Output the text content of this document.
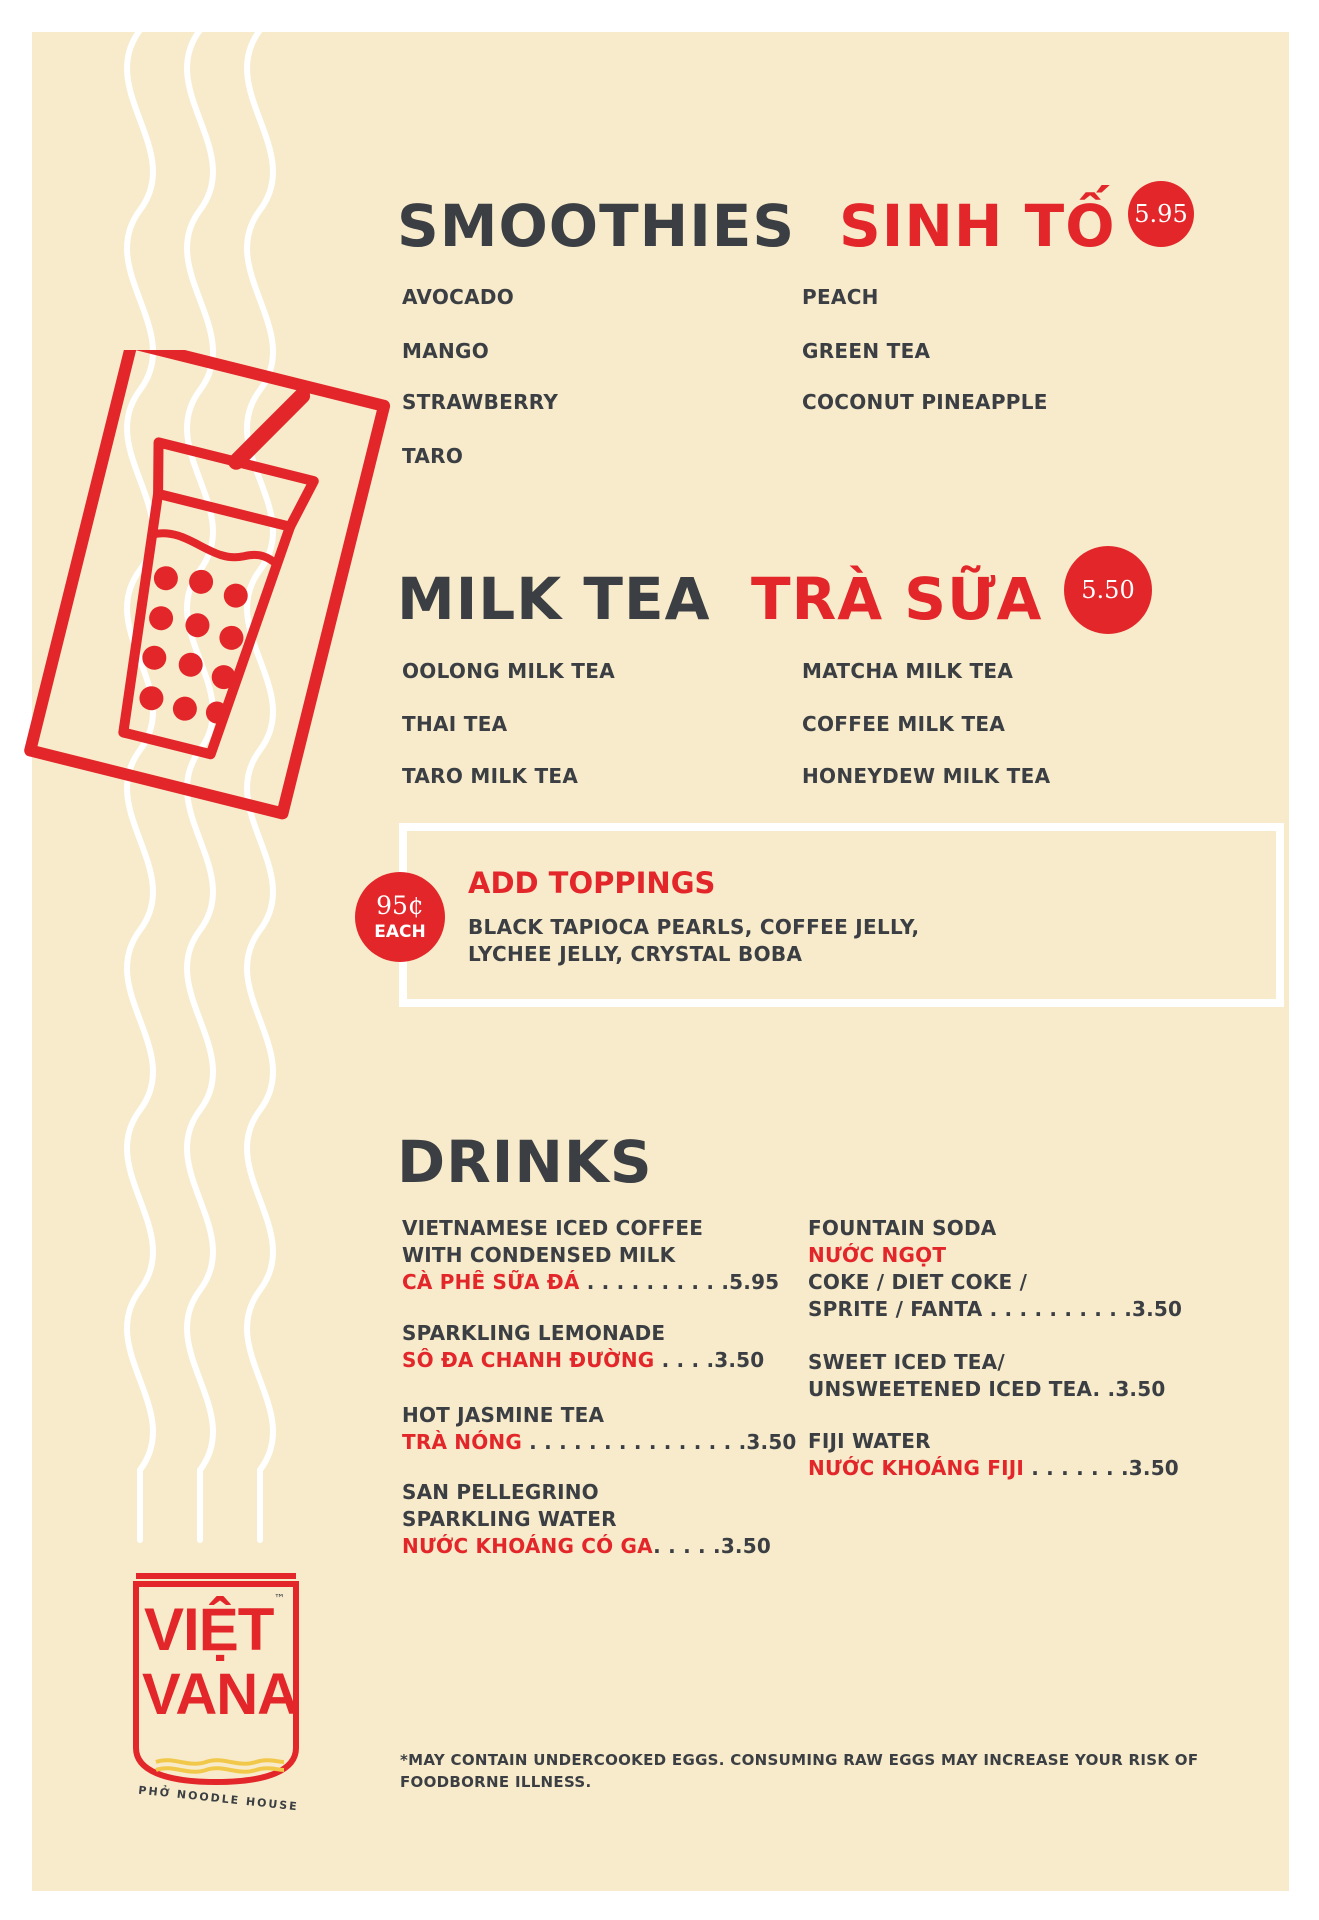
SMOOTHIES SINH TỐ 5.95
AVOCADO
MANGO
STRAWBERRY
TARO
PEACH
GREEN TEA
COCONUT PINEAPPLE
MILK TEA TRÀ SỮA 5.50
OOLONG MILK TEA
THAI TEA
TARO MILK TEA
MATCHA MILK TEA
COFFEE MILK TEA
HONEYDEW MILK TEA
95¢
EACH
ADD TOPPINGS
BLACK TAPIOCA PEARLS, COFFEE JELLY,
LYCHEE JELLY, CRYSTAL BOBA
DRINKS
VIETNAMESE ICED COFFEE
WITH CONDENSED MILK
CÀ PHÊ SỮA ĐÁ . . . . . . . . . .5.95
SPARKLING LEMONADE
SÔ ĐA CHANH ĐƯỜNG . . . .3.50
HOT JASMINE TEA
TRÀ NÓNG . . . . . . . . . . . . . . .3.50
SAN PELLEGRINO
SPARKLING WATER
NƯỚC KHOÁNG CÓ GA. . . . .3.50
FOUNTAIN SODA
NƯỚC NGỌT
COKE / DIET COKE /
SPRITE / FANTA . . . . . . . . . .3.50
SWEET ICED TEA/
UNSWEETENED ICED TEA. .3.50
FIJI WATER
NƯỚC KHOÁNG FIJI . . . . . . .3.50
VIỆT
VANA
™
PHỞ NOODLE HOUSE
*MAY CONTAIN UNDERCOOKED EGGS. CONSUMING RAW EGGS MAY INCREASE YOUR RISK OF FOODBORNE ILLNESS.
